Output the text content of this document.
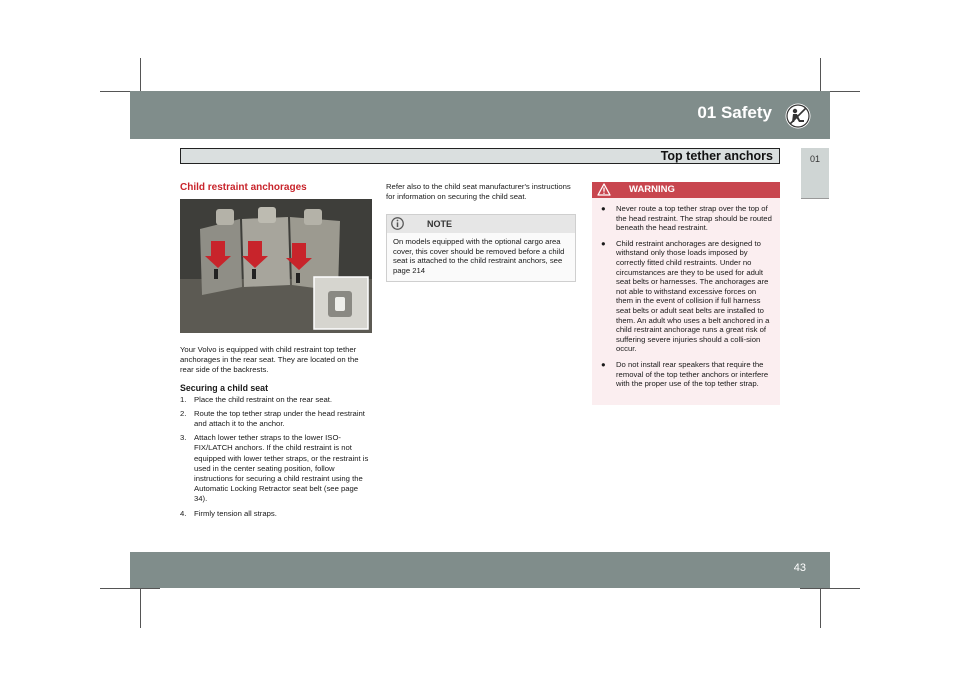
01 Safety
Top tether anchors	01
Child restraint anchorages

Your Volvo is equipped with child restraint top tether anchorages in the rear seat. They are located on the rear side of the backrests.

Securing a child seat
1. Place the child restraint on the rear seat.
2. Route the top tether strap under the head restraint and attach it to the anchor.
3. Attach lower tether straps to the lower ISO-FIX/LATCH anchors. If the child restraint is not equipped with lower tether straps, or the restraint is used in the center seating position, follow instructions for securing a child restraint using the Automatic Locking Retractor seat belt (see page 34).
4. Firmly tension all straps.

Refer also to the child seat manufacturer's instructions for information on securing the child seat.

NOTE
On models equipped with the optional cargo area cover, this cover should be removed before a child seat is attached to the child restraint anchors, see page 214
WARNING
● Never route a top tether strap over the top of the head restraint. The strap should be routed beneath the head restraint.
● Child restraint anchorages are designed to withstand only those loads imposed by correctly fitted child restraints. Under no circumstances are they to be used for adult seat belts or harnesses. The anchorages are not able to withstand excessive forces on them in the event of collision if full harness seat belts or adult seat belts are installed to them. An adult who uses a belt anchored in a child restraint anchorage runs a great risk of suffering severe injuries should a colli-sion occur.
● Do not install rear speakers that require the removal of the top tether anchors or interfere with the proper use of the top tether strap.
43
